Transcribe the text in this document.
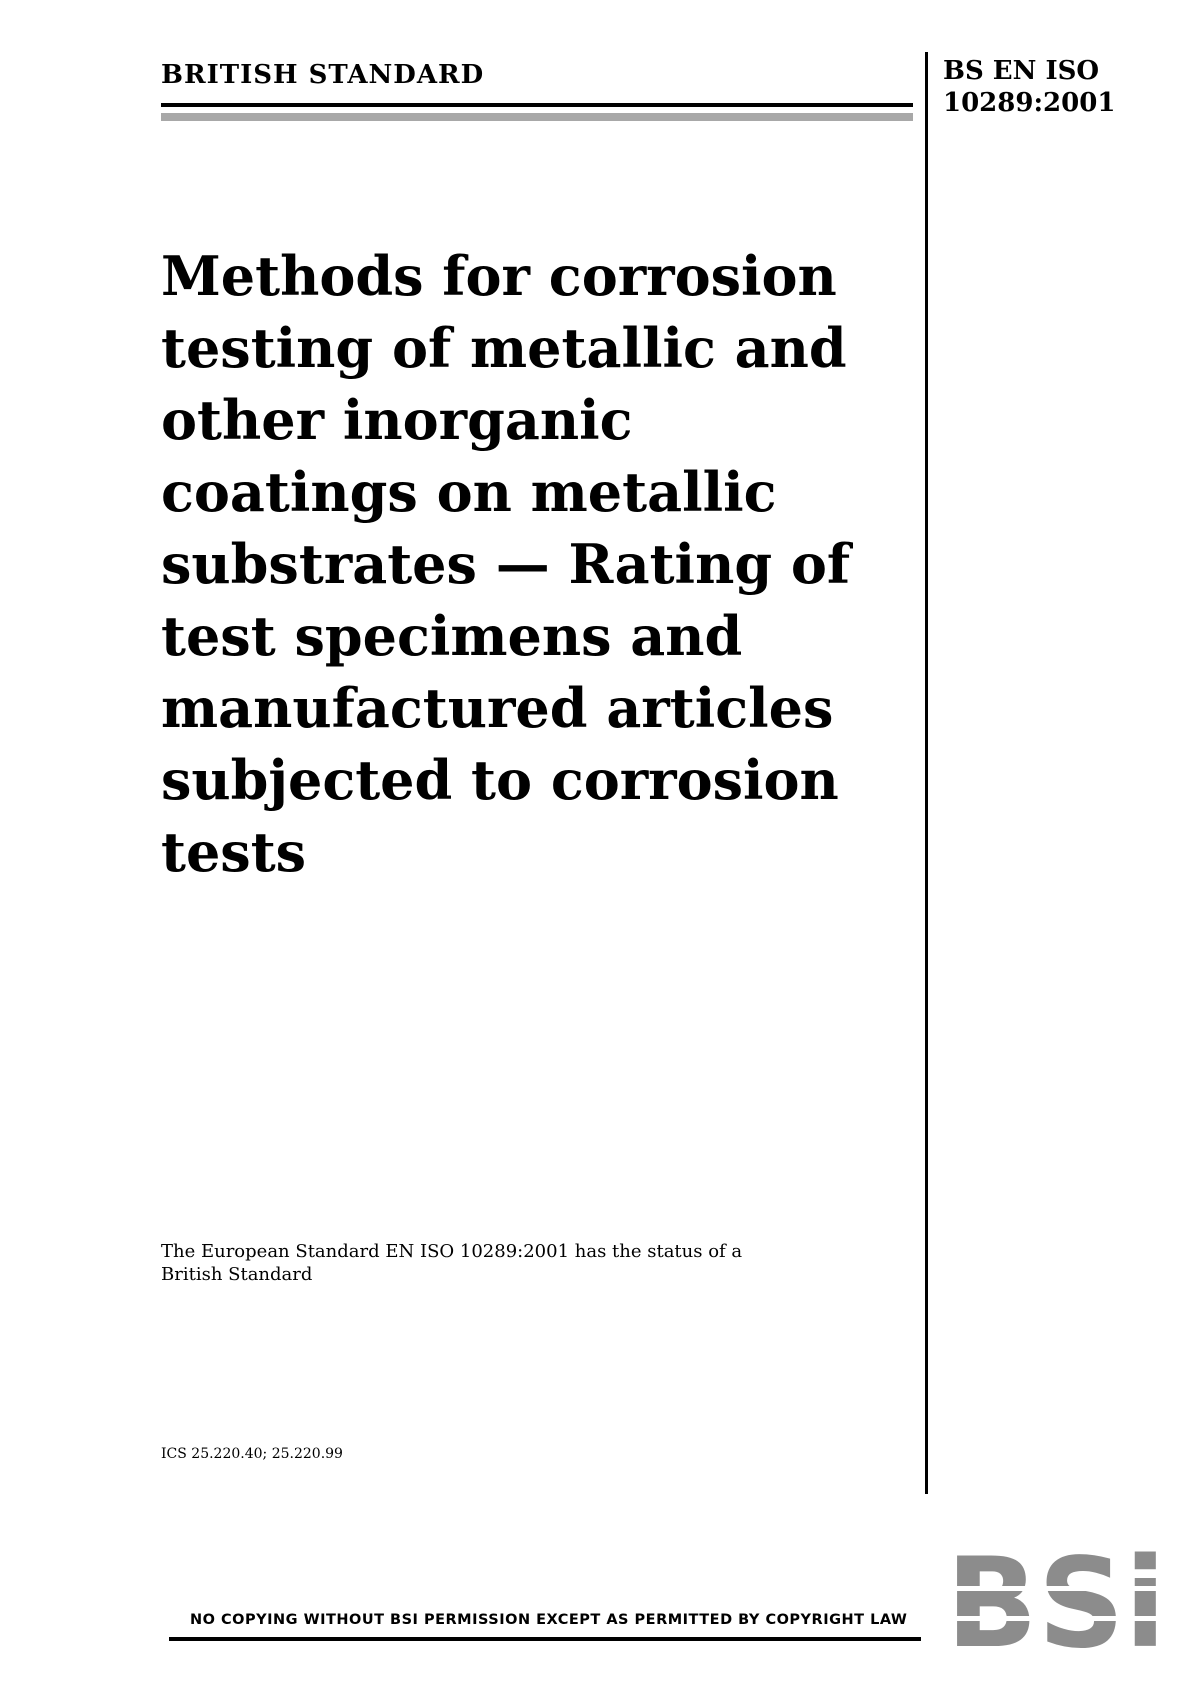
BRITISH STANDARD	BS EN ISO
10289:2001
Methods for corrosion
testing of metallic and
other inorganic
coatings on metallic
substrates — Rating of
test specimens and
manufactured articles
subjected to corrosion
tests
The European Standard EN ISO 10289:2001 has the status of a
British Standard
ICS 25.220.40; 25.220.99
NO COPYING WITHOUT BSI PERMISSION EXCEPT AS PERMITTED BY COPYRIGHT LAW
